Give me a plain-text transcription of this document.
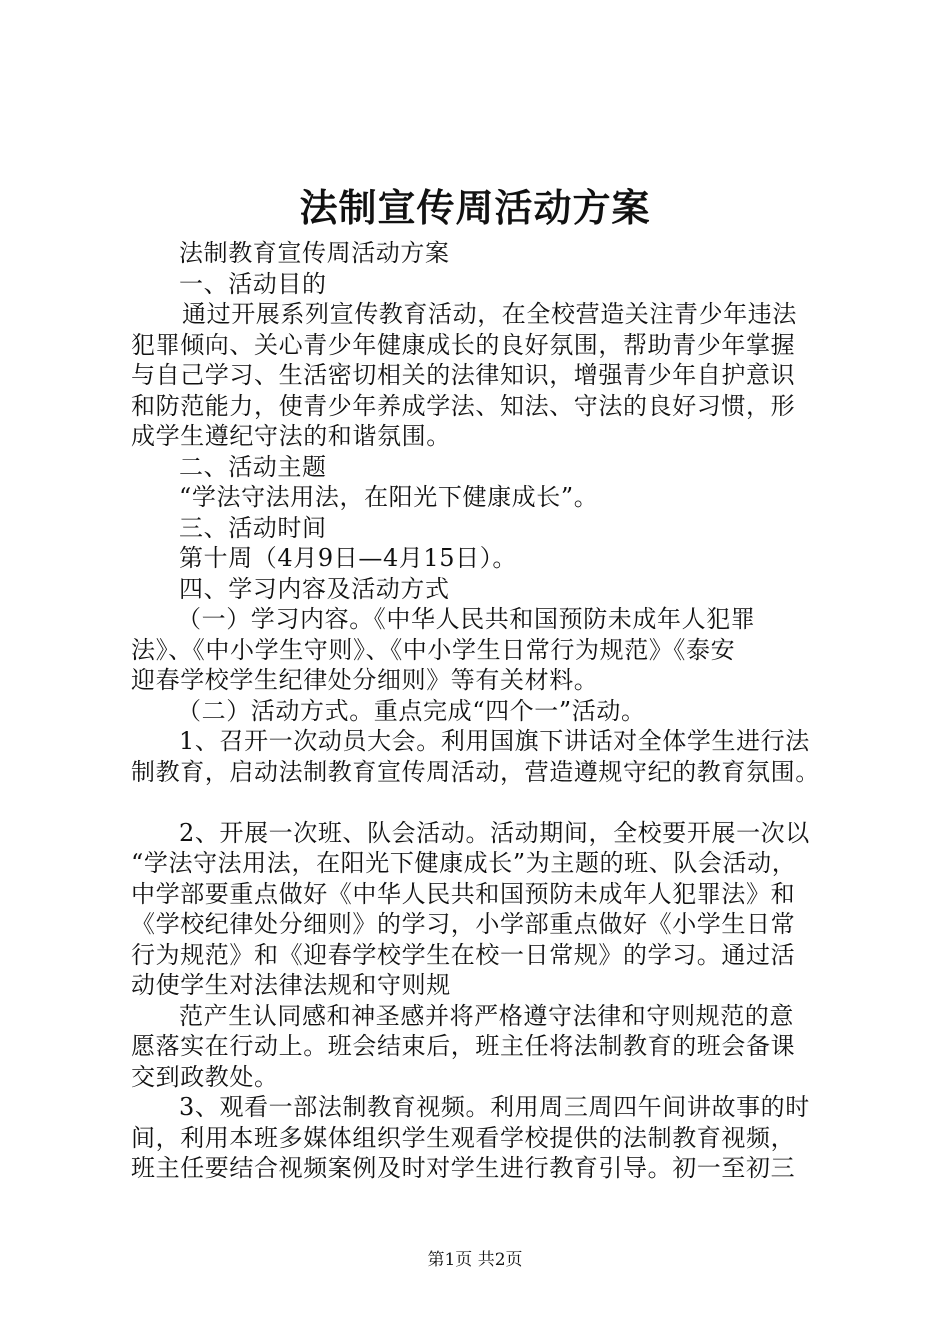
法制宣传周活动方案
法制教育宣传周活动方案
一、活动目的
通过开展系列宣传教育活动，在全校营造关注青少年违法
犯罪倾向、关心青少年健康成长的良好氛围，帮助青少年掌握
与自己学习、生活密切相关的法律知识，增强青少年自护意识
和防范能力，使青少年养成学法、知法、守法的良好习惯，形
成学生遵纪守法的和谐氛围。
二、活动主题
“学法守法用法，在阳光下健康成长”。
三、活动时间
第十周（4月9日—4月15日）。
四、学习内容及活动方式
（一）学习内容。《中华人民共和国预防未成年人犯罪
法》、《中小学生守则》、《中小学生日常行为规范》《泰安
迎春学校学生纪律处分细则》等有关材料。
（二）活动方式。重点完成“四个一”活动。
1、召开一次动员大会。利用国旗下讲话对全体学生进行法
制教育，启动法制教育宣传周活动，营造遵规守纪的教育氛围。
2、开展一次班、队会活动。活动期间，全校要开展一次以
“学法守法用法，在阳光下健康成长”为主题的班、队会活动，
中学部要重点做好《中华人民共和国预防未成年人犯罪法》和
《学校纪律处分细则》的学习，小学部重点做好《小学生日常
行为规范》和《迎春学校学生在校一日常规》的学习。通过活
动使学生对法律法规和守则规
范产生认同感和神圣感并将严格遵守法律和守则规范的意
愿落实在行动上。班会结束后，班主任将法制教育的班会备课
交到政教处。
3、观看一部法制教育视频。利用周三周四午间讲故事的时
间，利用本班多媒体组织学生观看学校提供的法制教育视频，
班主任要结合视频案例及时对学生进行教育引导。初一至初三
第1页 共2页
